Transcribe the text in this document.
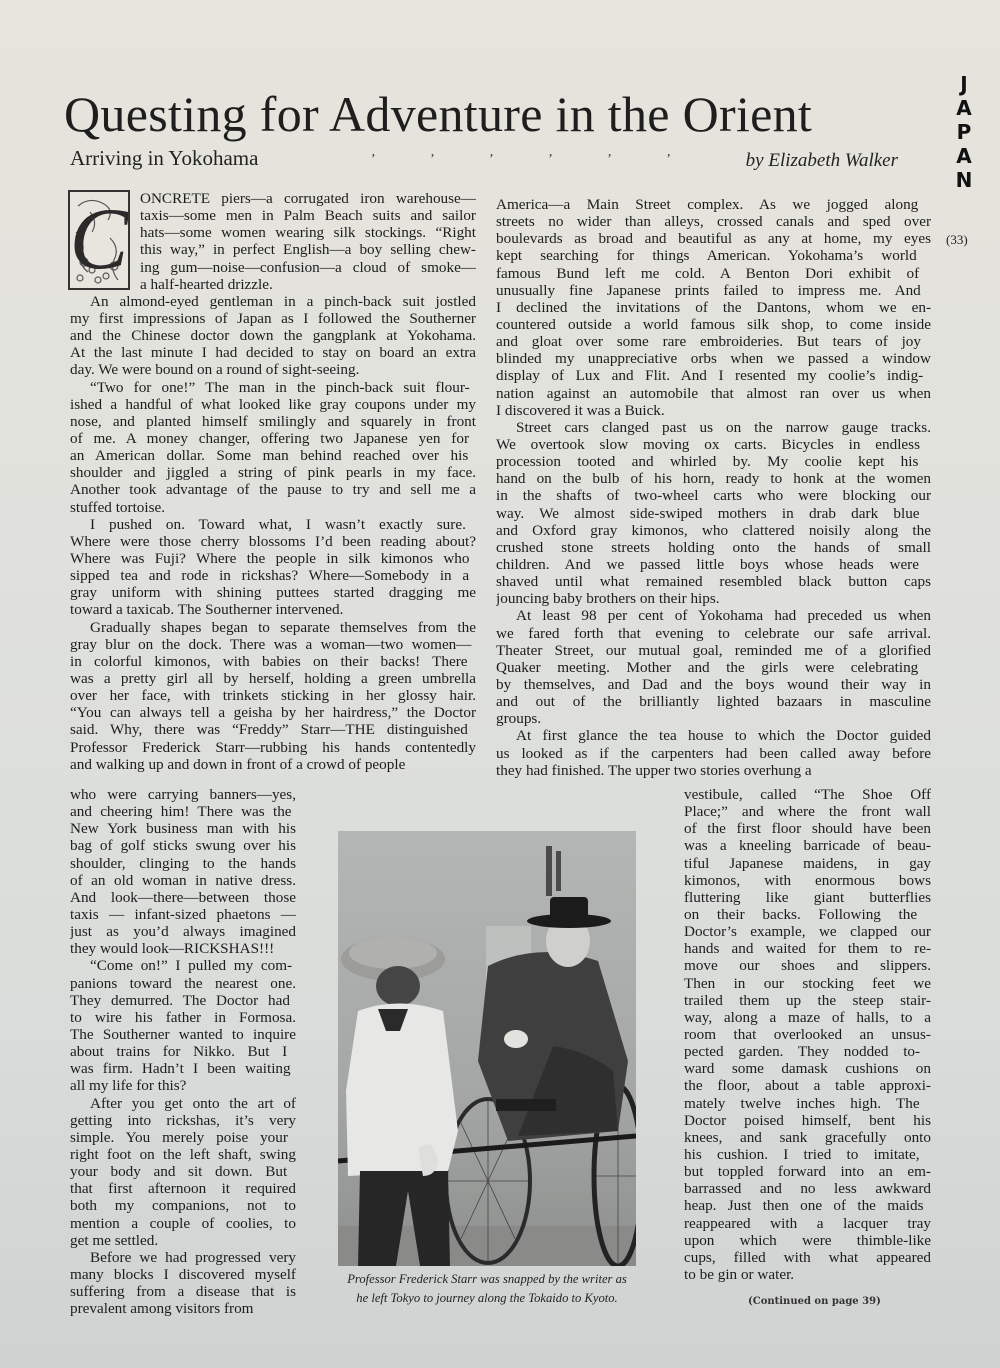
Questing for Adventure in the Orient
Arriving in Yokohama	’	’	’	’	’	’	by Elizabeth Walker
J
A
P
A
N
(33)
C ONCRETE piers—a corrugated iron warehouse—
taxis—some men in Palm Beach suits and sailor
hats—some women wearing silk stockings. “Right
this way,” in perfect English—a boy selling chew-
ing gum—noise—confusion—a cloud of smoke—
a half-hearted drizzle.
An almond-eyed gentleman in a pinch-back suit jostled
my first impressions of Japan as I followed the Southerner
and the Chinese doctor down the gangplank at Yokohama.
At the last minute I had decided to stay on board an extra
day. We were bound on a round of sight-seeing.
“Two for one!” The man in the pinch-back suit flour-
ished a handful of what looked like gray coupons under my
nose, and planted himself smilingly and squarely in front
of me. A money changer, offering two Japanese yen for
an American dollar. Some man behind reached over his
shoulder and jiggled a string of pink pearls in my face.
Another took advantage of the pause to try and sell me a
stuffed tortoise.
I pushed on. Toward what, I wasn’t exactly sure.
Where were those cherry blossoms I’d been reading about?
Where was Fuji? Where the people in silk kimonos who
sipped tea and rode in rickshas? Where—Somebody in a
gray uniform with shining puttees started dragging me
toward a taxicab. The Southerner intervened.
Gradually shapes began to separate themselves from the
gray blur on the dock. There was a woman—two women—
in colorful kimonos, with babies on their backs! There
was a pretty girl all by herself, holding a green umbrella
over her face, with trinkets sticking in her glossy hair.
“You can always tell a geisha by her hairdress,” the Doctor
said. Why, there was “Freddy” Starr—THE distinguished
Professor Frederick Starr—rubbing his hands contentedly
and walking up and down in front of a crowd of people
who were carrying banners—yes,
and cheering him! There was the
New York business man with his
bag of golf sticks swung over his
shoulder, clinging to the hands
of an old woman in native dress.
And look—there—between those
taxis — infant-sized phaetons —
just as you’d always imagined
they would look—RICKSHAS!!!
“Come on!” I pulled my com-
panions toward the nearest one.
They demurred. The Doctor had
to wire his father in Formosa.
The Southerner wanted to inquire
about trains for Nikko. But I
was firm. Hadn’t I been waiting
all my life for this?
After you get onto the art of
getting into rickshas, it’s very
simple. You merely poise your
right foot on the left shaft, swing
your body and sit down. But
that first afternoon it required
both my companions, not to
mention a couple of coolies, to
get me settled.
Before we had progressed very
many blocks I discovered myself
suffering from a disease that is
prevalent among visitors from
America—a Main Street complex. As we jogged along
streets no wider than alleys, crossed canals and sped over
boulevards as broad and beautiful as any at home, my eyes
kept searching for things American. Yokohama’s world
famous Bund left me cold. A Benton Dori exhibit of
unusually fine Japanese prints failed to impress me. And
I declined the invitations of the Dantons, whom we en-
countered outside a world famous silk shop, to come inside
and gloat over some rare embroideries. But tears of joy
blinded my unappreciative orbs when we passed a window
display of Lux and Flit. And I resented my coolie’s indig-
nation against an automobile that almost ran over us when
I discovered it was a Buick.
Street cars clanged past us on the narrow gauge tracks.
We overtook slow moving ox carts. Bicycles in endless
procession tooted and whirled by. My coolie kept his
hand on the bulb of his horn, ready to honk at the women
in the shafts of two-wheel carts who were blocking our
way. We almost side-swiped mothers in drab dark blue
and Oxford gray kimonos, who clattered noisily along the
crushed stone streets holding onto the hands of small
children. And we passed little boys whose heads were
shaved until what remained resembled black button caps
jouncing baby brothers on their hips.
At least 98 per cent of Yokohama had preceded us when
we fared forth that evening to celebrate our safe arrival.
Theater Street, our mutual goal, reminded me of a glorified
Quaker meeting. Mother and the girls were celebrating
by themselves, and Dad and the boys wound their way in
and out of the brilliantly lighted bazaars in masculine
groups.
At first glance the tea house to which the Doctor guided
us looked as if the carpenters had been called away before
they had finished. The upper two stories overhung a
vestibule, called “The Shoe Off
Place;” and where the front wall
of the first floor should have been
was a kneeling barricade of beau-
tiful Japanese maidens, in gay
kimonos, with enormous bows
fluttering like giant butterflies
on their backs. Following the
Doctor’s example, we clapped our
hands and waited for them to re-
move our shoes and slippers.
Then in our stocking feet we
trailed them up the steep stair-
way, along a maze of halls, to a
room that overlooked an unsus-
pected garden. They nodded to-
ward some damask cushions on
the floor, about a table approxi-
mately twelve inches high. The
Doctor poised himself, bent his
knees, and sank gracefully onto
his cushion. I tried to imitate,
but toppled forward into an em-
barrassed and no less awkward
heap. Just then one of the maids
reappeared with a lacquer tray
upon which were thimble-like
cups, filled with what appeared
to be gin or water.
Professor Frederick Starr was snapped by the writer as
he left Tokyo to journey along the Tokaido to Kyoto.	(Continued on page 39)
